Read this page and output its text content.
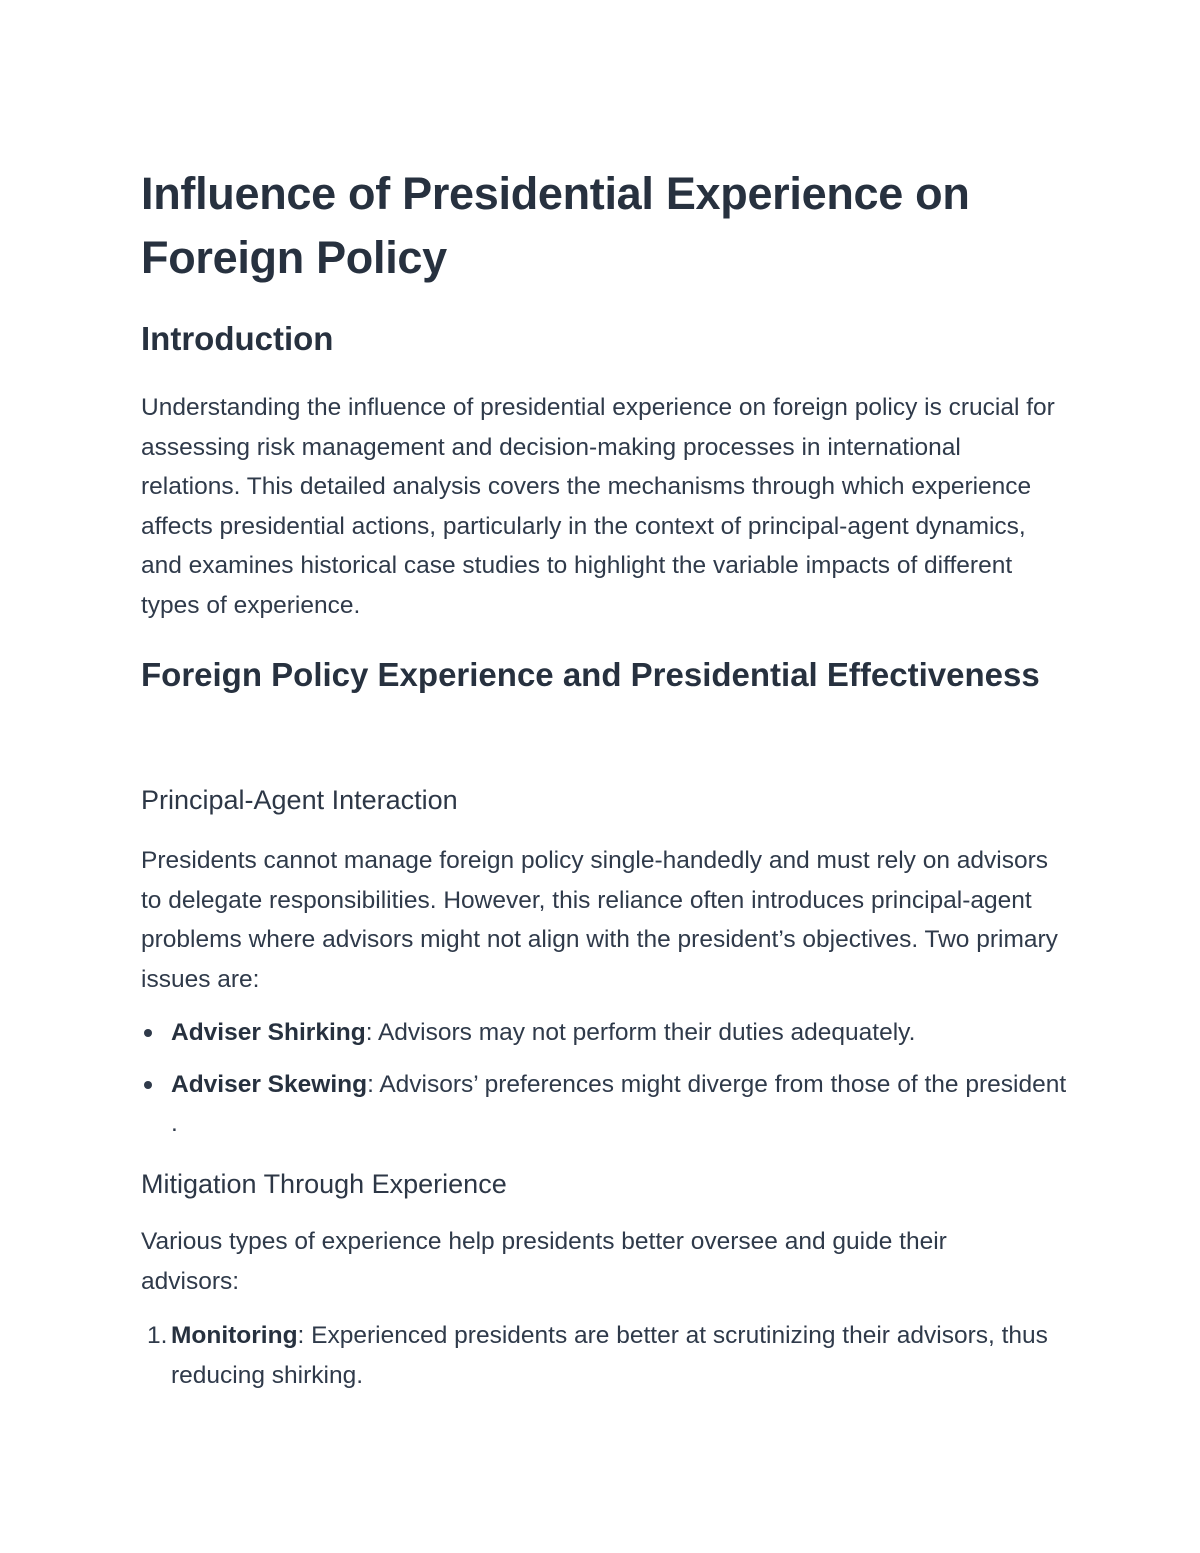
Influence of Presidential Experience on Foreign Policy
Introduction

Understanding the influence of presidential experience on foreign policy is crucial for assessing risk management and decision-making processes in international relations. This detailed analysis covers the mechanisms through which experience affects presidential actions, particularly in the context of principal-agent dynamics, and examines historical case studies to highlight the variable impacts of different types of experience.

Foreign Policy Experience and Presidential Effectiveness
Principal-Agent Interaction

Presidents cannot manage foreign policy single-handedly and must rely on advisors to delegate responsibilities. However, this reliance often introduces principal-agent problems where advisors might not align with the president’s objectives. Two primary issues are:

Adviser Shirking: Advisors may not perform their duties adequately.
Adviser Skewing: Advisors’ preferences might diverge from those of the president .
Mitigation Through Experience

Various types of experience help presidents better oversee and guide their advisors:

1. Monitoring: Experienced presidents are better at scrutinizing their advisors, thus reducing shirking.
